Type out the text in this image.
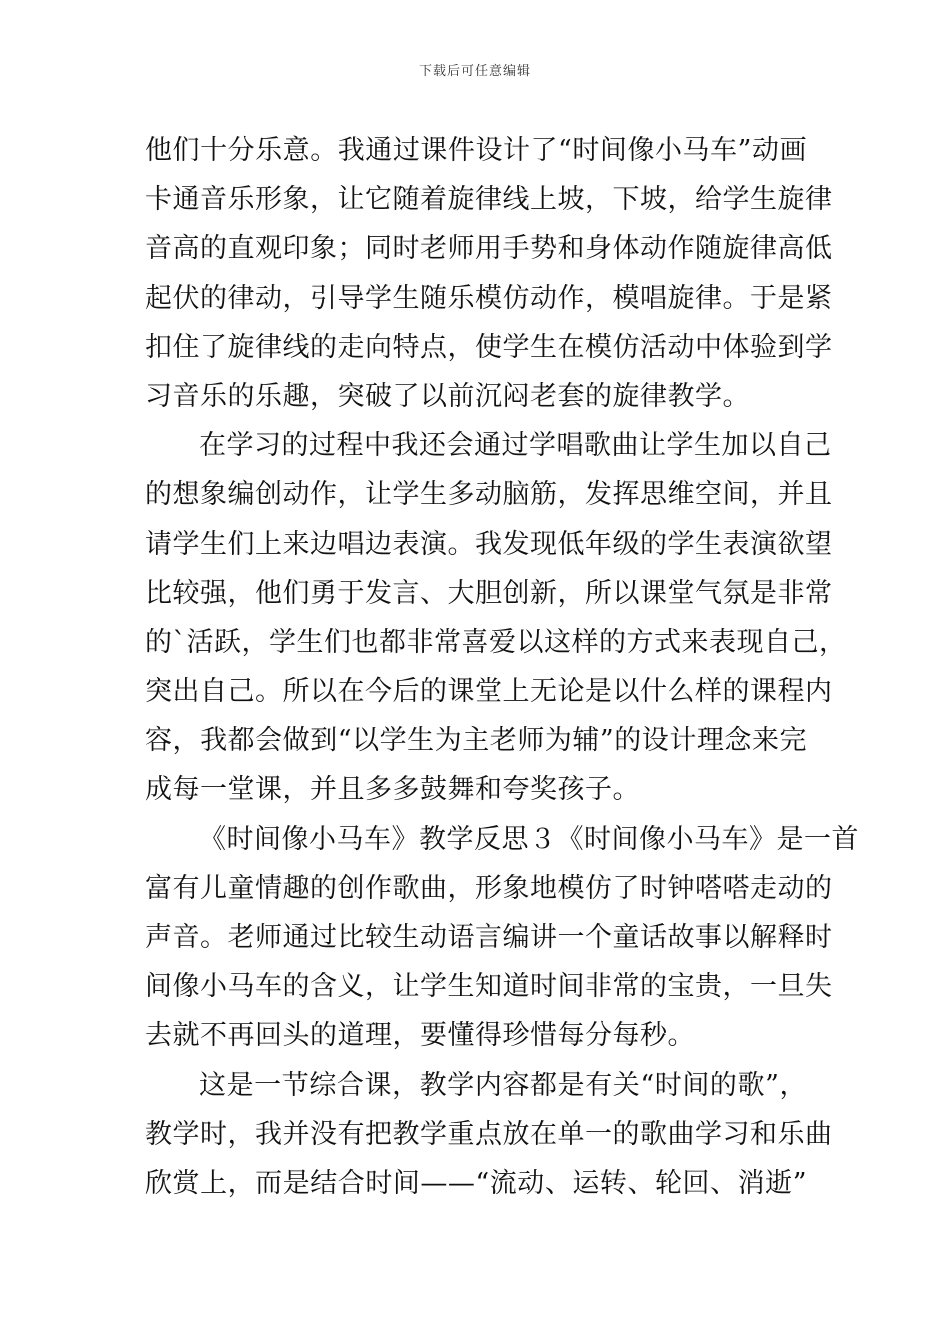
下载后可任意编辑
他们十分乐意。我通过课件设计了“时间像小马车”动画
卡通音乐形象，让它随着旋律线上坡，下坡，给学生旋律
音高的直观印象；同时老师用手势和身体动作随旋律高低
起伏的律动，引导学生随乐模仿动作，模唱旋律。于是紧
扣住了旋律线的走向特点，使学生在模仿活动中体验到学
习音乐的乐趣，突破了以前沉闷老套的旋律教学。
在学习的过程中我还会通过学唱歌曲让学生加以自己
的想象编创动作，让学生多动脑筋，发挥思维空间，并且
请学生们上来边唱边表演。我发现低年级的学生表演欲望
比较强，他们勇于发言、大胆创新，所以课堂气氛是非常
的`活跃，学生们也都非常喜爱以这样的方式来表现自己，
突出自己。所以在今后的课堂上无论是以什么样的课程内
容，我都会做到“以学生为主老师为辅”的设计理念来完
成每一堂课，并且多多鼓舞和夸奖孩子。
《时间像小马车》教学反思３《时间像小马车》是一首
富有儿童情趣的创作歌曲，形象地模仿了时钟嗒嗒走动的
声音。老师通过比较生动语言编讲一个童话故事以解释时
间像小马车的含义，让学生知道时间非常的宝贵，一旦失
去就不再回头的道理，要懂得珍惜每分每秒。
这是一节综合课，教学内容都是有关“时间的歌”，
教学时，我并没有把教学重点放在单一的歌曲学习和乐曲
欣赏上，而是结合时间——“流动、运转、轮回、消逝”
